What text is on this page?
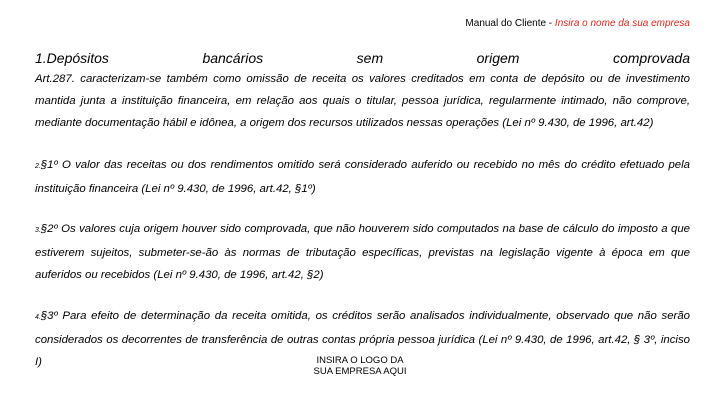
Manual do Cliente - Insira o nome da sua empresa
1.Depósitos	bancários	sem	origem	comprovada

Art.287. caracterizam-se também como omissão de receita os valores creditados em conta de depósito ou de investimento mantida junta a instituição financeira, em relação aos quais o titular, pessoa jurídica, regularmente intimado, não comprove, mediante documentação hábil e idônea, a origem dos recursos utilizados nessas operações (Lei nº 9.430, de 1996, art.42)

2.§1º O valor das receitas ou dos rendimentos omitido será considerado auferido ou recebido no mês do crédito efetuado pela instituição financeira (Lei nº 9.430, de 1996, art.42, §1º)

3.§2º Os valores cuja origem houver sido comprovada, que não houverem sido computados na base de cálculo do imposto a que estiverem sujeitos, submeter-se-ão às normas de tributação específicas, previstas na legislação vigente à época em que auferidos ou recebidos (Lei nº 9.430, de 1996, art.42, §2)

4.§3º Para efeito de determinação da receita omitida, os créditos serão analisados individualmente, observado que não serão considerados os decorrentes de transferência de outras contas própria pessoa jurídica (Lei nº 9.430, de 1996, art.42, § 3º, inciso I)	INSIRA O LOGO DA
SUA EMPRESA AQUI
